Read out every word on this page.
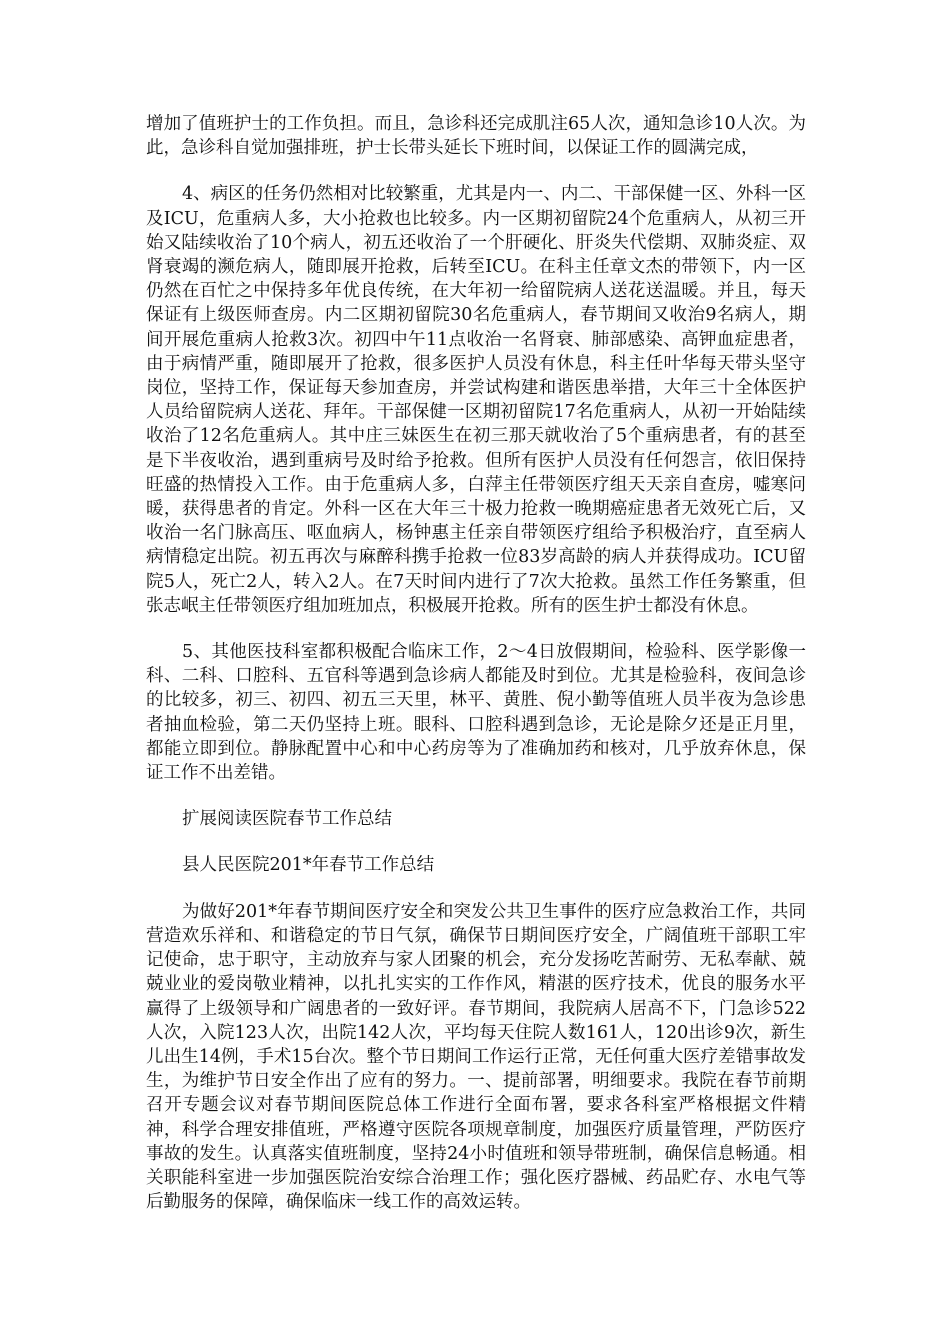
增加了值班护士的工作负担。而且，急诊科还完成肌注65人次，通知急诊10人次。为此，急诊科自觉加强排班，护士长带头延长下班时间，以保证工作的圆满完成，

4、病区的任务仍然相对比较繁重，尤其是内一、内二、干部保健一区、外科一区及ICU，危重病人多，大小抢救也比较多。内一区期初留院24个危重病人，从初三开始又陆续收治了10个病人，初五还收治了一个肝硬化、肝炎失代偿期、双肺炎症、双肾衰竭的濒危病人，随即展开抢救，后转至ICU。在科主任章文杰的带领下，内一区仍然在百忙之中保持多年优良传统，在大年初一给留院病人送花送温暖。并且，每天保证有上级医师查房。内二区期初留院30名危重病人，春节期间又收治9名病人，期间开展危重病人抢救3次。初四中午11点收治一名肾衰、肺部感染、高钾血症患者，由于病情严重，随即展开了抢救，很多医护人员没有休息，科主任叶华每天带头坚守岗位，坚持工作，保证每天参加查房，并尝试构建和谐医患举措，大年三十全体医护人员给留院病人送花、拜年。干部保健一区期初留院17名危重病人，从初一开始陆续收治了12名危重病人。其中庄三妹医生在初三那天就收治了5个重病患者，有的甚至是下半夜收治，遇到重病号及时给予抢救。但所有医护人员没有任何怨言，依旧保持旺盛的热情投入工作。由于危重病人多，白萍主任带领医疗组天天亲自查房，嘘寒问暖，获得患者的肯定。外科一区在大年三十极力抢救一晚期癌症患者无效死亡后，又收治一名门脉高压、呕血病人，杨钟惠主任亲自带领医疗组给予积极治疗，直至病人病情稳定出院。初五再次与麻醉科携手抢救一位83岁高龄的病人并获得成功。ICU留院5人，死亡2人，转入2人。在7天时间内进行了7次大抢救。虽然工作任务繁重，但张志岷主任带领医疗组加班加点，积极展开抢救。所有的医生护士都没有休息。

5、其他医技科室都积极配合临床工作，2～4日放假期间，检验科、医学影像一科、二科、口腔科、五官科等遇到急诊病人都能及时到位。尤其是检验科，夜间急诊的比较多，初三、初四、初五三天里，林平、黄胜、倪小勤等值班人员半夜为急诊患者抽血检验，第二天仍坚持上班。眼科、口腔科遇到急诊，无论是除夕还是正月里，都能立即到位。静脉配置中心和中心药房等为了准确加药和核对，几乎放弃休息，保证工作不出差错。

扩展阅读医院春节工作总结

县人民医院201*年春节工作总结

为做好201*年春节期间医疗安全和突发公共卫生事件的医疗应急救治工作，共同营造欢乐祥和、和谐稳定的节日气氛，确保节日期间医疗安全，广阔值班干部职工牢记使命，忠于职守，主动放弃与家人团聚的机会，充分发扬吃苦耐劳、无私奉献、兢兢业业的爱岗敬业精神，以扎扎实实的工作作风，精湛的医疗技术，优良的服务水平赢得了上级领导和广阔患者的一致好评。春节期间，我院病人居高不下，门急诊522人次，入院123人次，出院142人次，平均每天住院人数161人，120出诊9次，新生儿出生14例，手术15台次。整个节日期间工作运行正常，无任何重大医疗差错事故发生，为维护节日安全作出了应有的努力。一、提前部署，明细要求。我院在春节前期召开专题会议对春节期间医院总体工作进行全面布署，要求各科室严格根据文件精神，科学合理安排值班，严格遵守医院各项规章制度，加强医疗质量管理，严防医疗事故的发生。认真落实值班制度，坚持24小时值班和领导带班制，确保信息畅通。相关职能科室进一步加强医院治安综合治理工作；强化医疗器械、药品贮存、水电气等后勤服务的保障，确保临床一线工作的高效运转。
